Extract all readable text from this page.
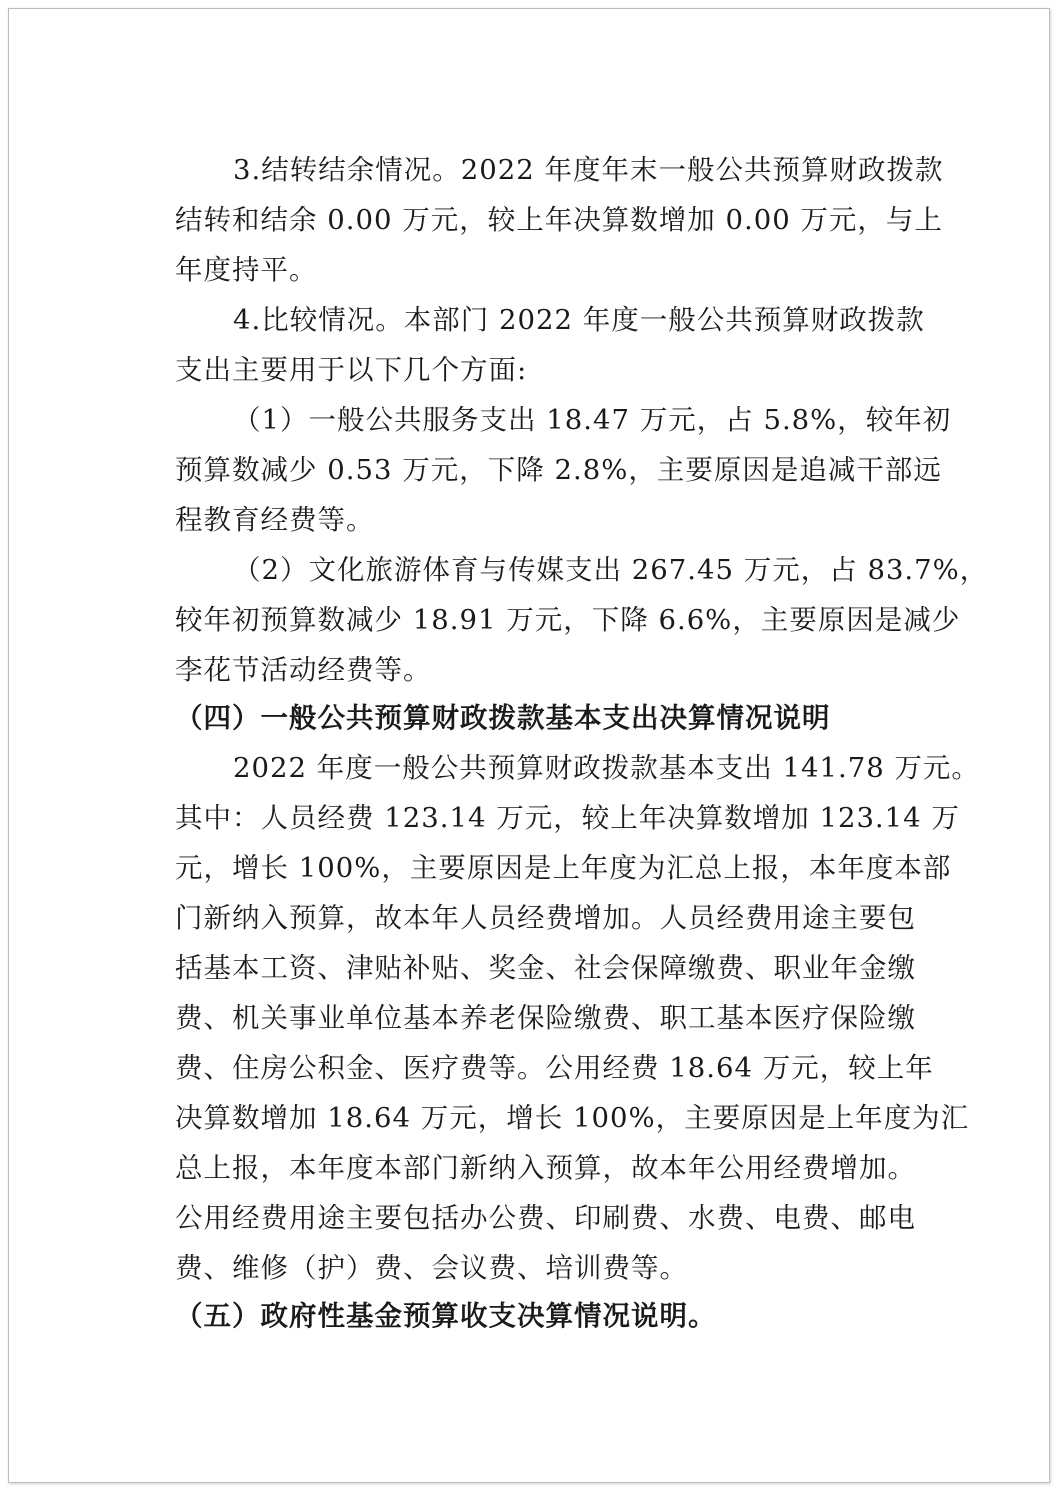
3.结转结余情况。2022 年度年末一般公共预算财政拨款
结转和结余 0.00 万元，较上年决算数增加 0.00 万元，与上
年度持平。
4.比较情况。本部门 2022 年度一般公共预算财政拨款
支出主要用于以下几个方面:
（1）一般公共服务支出 18.47 万元，占 5.8%，较年初
预算数减少 0.53 万元，下降 2.8%，主要原因是追减干部远
程教育经费等。
（2）文化旅游体育与传媒支出 267.45 万元，占 83.7%，
较年初预算数减少 18.91 万元，下降 6.6%，主要原因是减少
李花节活动经费等。
（四）一般公共预算财政拨款基本支出决算情况说明
2022 年度一般公共预算财政拨款基本支出 141.78 万元。
其中：人员经费 123.14 万元，较上年决算数增加 123.14 万
元，增长 100%，主要原因是上年度为汇总上报，本年度本部
门新纳入预算，故本年人员经费增加。人员经费用途主要包
括基本工资、津贴补贴、奖金、社会保障缴费、职业年金缴
费、机关事业单位基本养老保险缴费、职工基本医疗保险缴
费、住房公积金、医疗费等。公用经费 18.64 万元，较上年
决算数增加 18.64 万元，增长 100%，主要原因是上年度为汇
总上报，本年度本部门新纳入预算，故本年公用经费增加。
公用经费用途主要包括办公费、印刷费、水费、电费、邮电
费、维修（护）费、会议费、培训费等。
（五）政府性基金预算收支决算情况说明。
